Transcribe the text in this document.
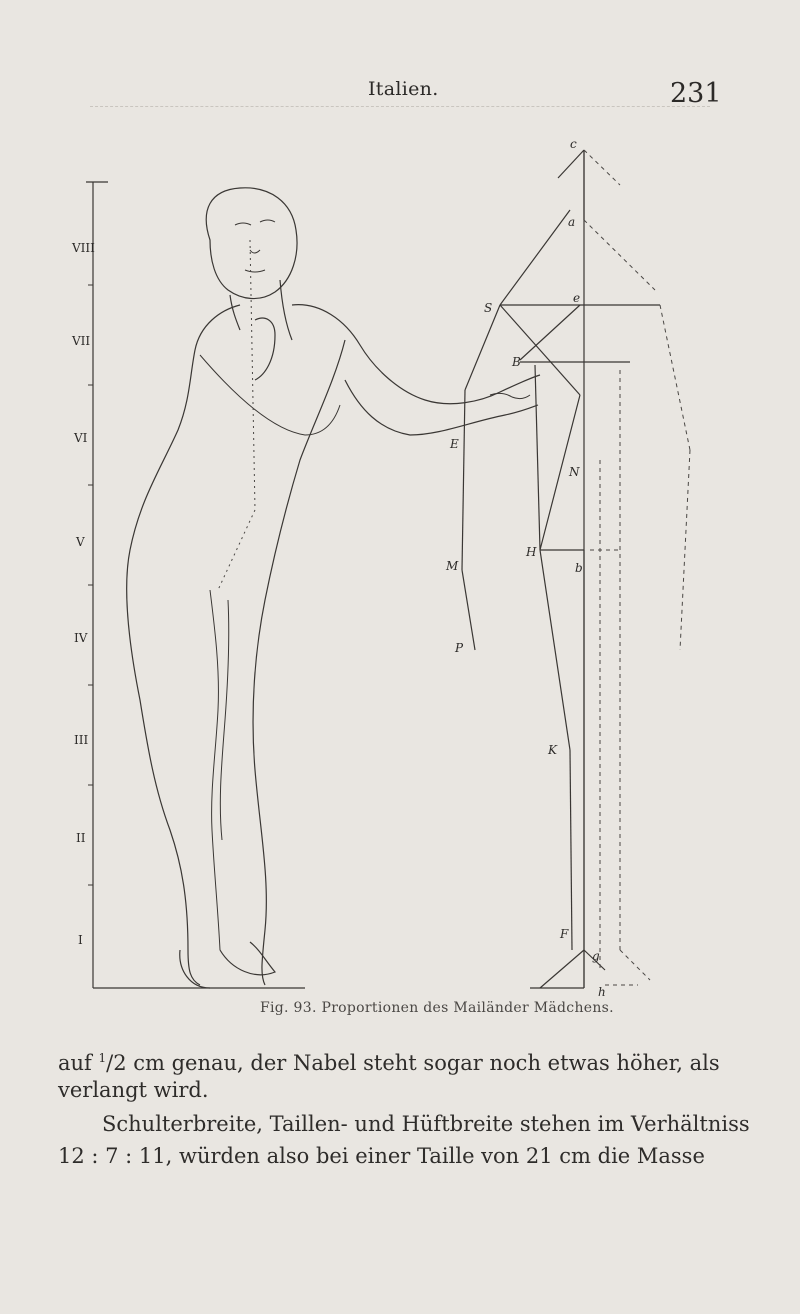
Italien.	231
VIII
VII
VI
V
IV
III
II
I
c
a
e
S
B
E
N
H
b
M
P
K
F
g
h
Fig. 93. Proportionen des Mailänder Mädchens.
auf $^1$/2 cm genau, der Nabel steht sogar noch etwas höher, als
verlangt wird.
Schulterbreite, Taillen- und Hüftbreite stehen im Verhältniss
12 : 7 : 11, würden also bei einer Taille von 21 cm die Masse
